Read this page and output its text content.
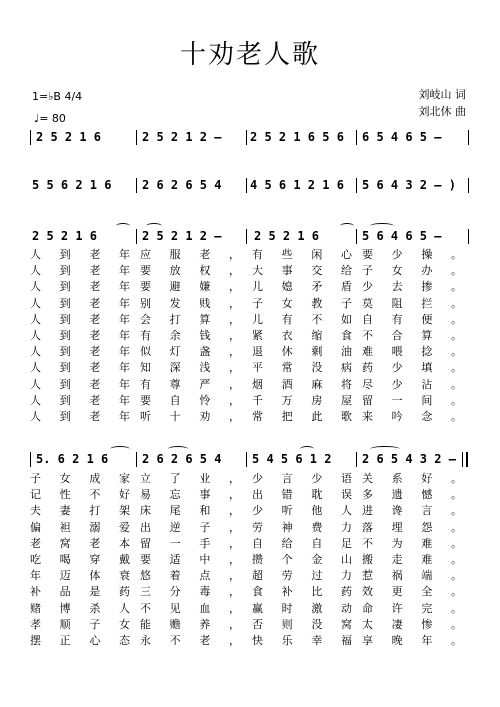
十劝老人歌
1=♭B 4/4
♩= 80
刘岐山 词
刘北休 曲
2 5 2 1 6	2 5 2 1 2 –	2 5 2 1 6 5 6	6 5 4 6 5 –
5 5 6 2 1 6	2 6 2 6 5 4	4 5 6 1 2 1 6	5 6 4 3 2 – )
2 5 2 1 6	2 5 2 1 2 –	2 5 2 1 6	5 6 4 6 5 –
人到老年 应服老， 有些闲心 要少操。
人到老年 要放权， 大事交给 子女办。
人到老年 要避嫌， 儿媳矛盾 少去掺。
人到老年 别发贱， 子女教子 莫阻拦。
人到老年 会打算， 儿有不如 自有便。
人到老年 有余钱， 紧衣缩食 不合算。
人到老年 似灯盏， 退休剩油 难喂捻。
人到老年 知深浅， 平常没病 药少填。
人到老年 有尊严， 烟酒麻将 尽少沾。
人到老年 要自怜， 千万房屋 留一间。
人到老年 听十劝， 常把此歌 来吟念。
5. 6 2 1 6	2 6 2 6 5 4	5 4 5 6 1 2	2 6 5 4 3 2 –
子女成家 立了业， 少言少语 关系好。
记性不好 易忘事， 出错耽误 多遗憾。
夫妻打架 床尾和， 少听他人 进谗言。
偏袒溺爱 出逆子， 劳神费力 落埋怨。
老窝老本 留一手， 自给自足 不为难。
吃喝穿戴 要适中， 攒个金山 搬走难。
年迈体衰 悠着点， 超劳过力 惹祸端。
补品是药 三分毒， 食补比药 效更全。
赌博杀人 不见血， 赢时激动 命许完。
孝顺子女 能赡养， 否则没窝 太凄惨。
摆正心态 永不老， 快乐幸福 享晚年。
